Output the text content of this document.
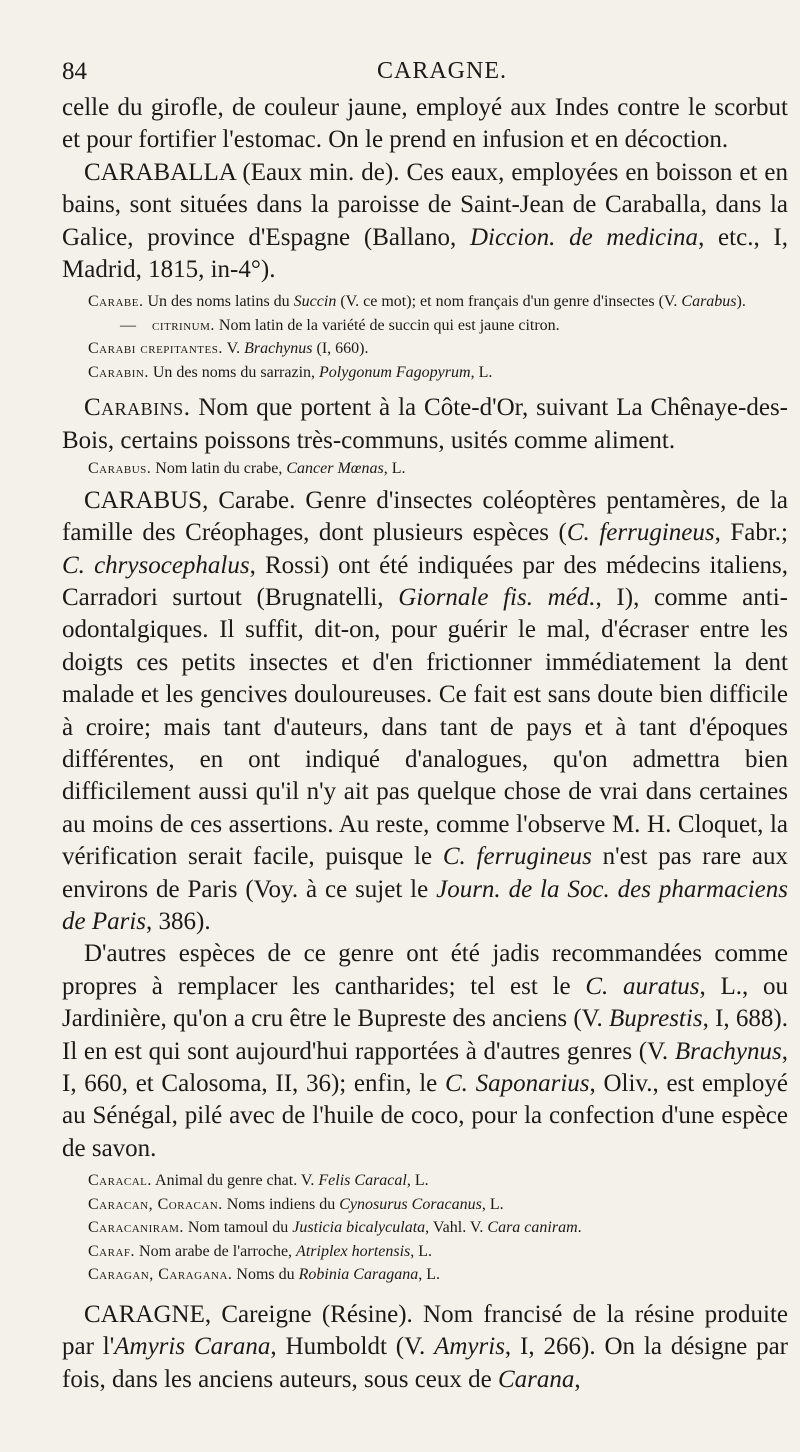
84	CARAGNE.

celle du girofle, de couleur jaune, employé aux Indes contre le scorbut et pour fortifier l'estomac. On le prend en infusion et en décoction.

CARABALLA (Eaux min. de). Ces eaux, employées en boisson et en bains, sont situées dans la paroisse de Saint-Jean de Caraballa, dans la Galice, province d'Espagne (Ballano, Diccion. de medicina, etc., I, Madrid, 1815, in-4°).

Carabe. Un des noms latins du Succin (V. ce mot); et nom français d'un genre d'insectes (V. Carabus).

— citrinum. Nom latin de la variété de succin qui est jaune citron.

Carabi crepitantes. V. Brachynus (I, 660).

Carabin. Un des noms du sarrazin, Polygonum Fagopyrum, L.

Carabins. Nom que portent à la Côte-d'Or, suivant La Chênaye-des-Bois, certains poissons très-communs, usités comme aliment.

Carabus. Nom latin du crabe, Cancer Mœnas, L.

CARABUS, Carabe. Genre d'insectes coléoptères pentamères, de la famille des Créophages, dont plusieurs espèces (C. ferrugineus, Fabr.; C. chrysocephalus, Rossi) ont été indiquées par des médecins italiens, Carradori surtout (Brugnatelli, Giornale fis. méd., I), comme anti-odontalgiques. Il suffit, dit-on, pour guérir le mal, d'écraser entre les doigts ces petits insectes et d'en frictionner immédiatement la dent malade et les gencives douloureuses. Ce fait est sans doute bien difficile à croire; mais tant d'auteurs, dans tant de pays et à tant d'époques différentes, en ont indiqué d'analogues, qu'on admettra bien difficilement aussi qu'il n'y ait pas quelque chose de vrai dans certaines au moins de ces assertions. Au reste, comme l'observe M. H. Cloquet, la vérification serait facile, puisque le C. ferrugineus n'est pas rare aux environs de Paris (Voy. à ce sujet le Journ. de la Soc. des pharmaciens de Paris, 386).

D'autres espèces de ce genre ont été jadis recommandées comme propres à remplacer les cantharides; tel est le C. auratus, L., ou Jardinière, qu'on a cru être le Bupreste des anciens (V. Buprestis, I, 688). Il en est qui sont aujourd'hui rapportées à d'autres genres (V. Brachynus, I, 660, et Calosoma, II, 36); enfin, le C. Saponarius, Oliv., est employé au Sénégal, pilé avec de l'huile de coco, pour la confection d'une espèce de savon.

Caracal. Animal du genre chat. V. Felis Caracal, L.

Caracan, Coracan. Noms indiens du Cynosurus Coracanus, L.

Caracaniram. Nom tamoul du Justicia bicalyculata, Vahl. V. Cara caniram.

Caraf. Nom arabe de l'arroche, Atriplex hortensis, L.

Caragan, Caragana. Noms du Robinia Caragana, L.

CARAGNE, Careigne (Résine). Nom francisé de la résine produite par l'Amyris Carana, Humboldt (V. Amyris, I, 266). On la désigne par fois, dans les anciens auteurs, sous ceux de Carana,
